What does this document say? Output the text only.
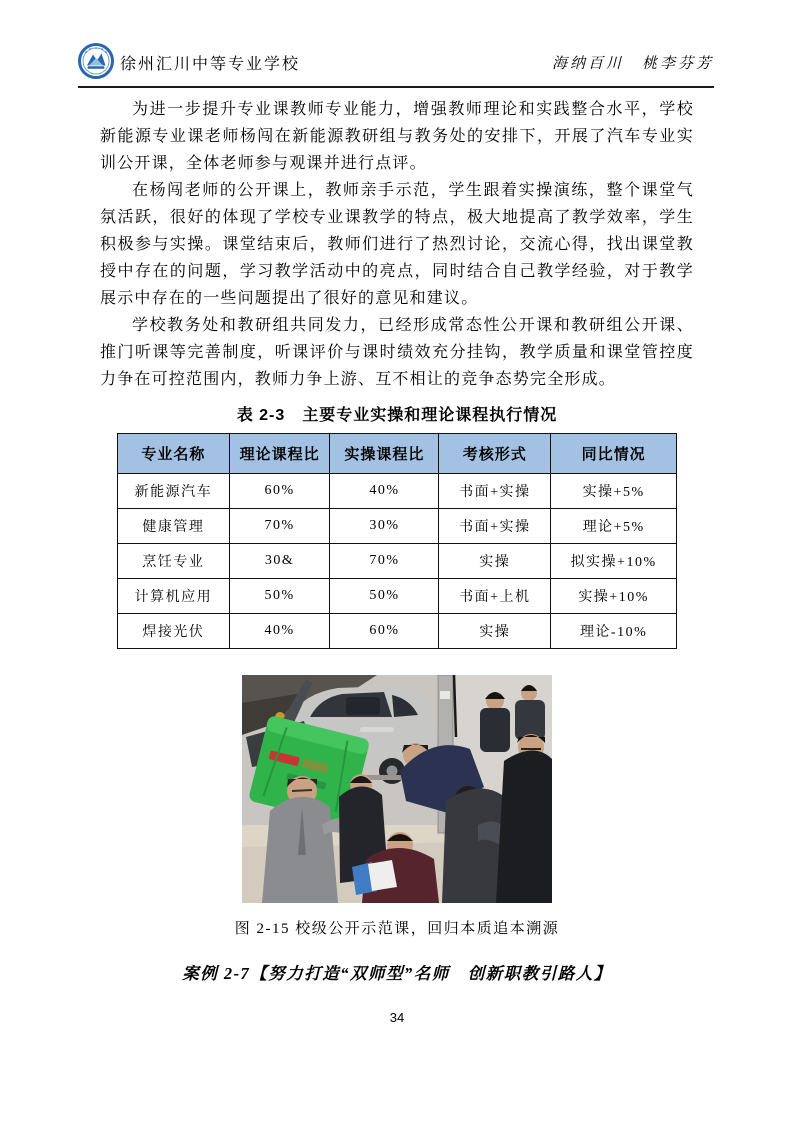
徐州汇川中等专业学校	海纳百川　桃李芬芳

为进一步提升专业课教师专业能力，增强教师理论和实践整合水平，学校新能源专业课老师杨闯在新能源教研组与教务处的安排下，开展了汽车专业实训公开课，全体老师参与观课并进行点评。

在杨闯老师的公开课上，教师亲手示范，学生跟着实操演练，整个课堂气氛活跃，很好的体现了学校专业课教学的特点，极大地提高了教学效率，学生积极参与实操。课堂结束后，教师们进行了热烈讨论，交流心得，找出课堂教授中存在的问题，学习教学活动中的亮点，同时结合自己教学经验，对于教学展示中存在的一些问题提出了很好的意见和建议。

学校教务处和教研组共同发力，已经形成常态性公开课和教研组公开课、推门听课等完善制度，听课评价与课时绩效充分挂钩，教学质量和课堂管控度力争在可控范围内，教师力争上游、互不相让的竞争态势完全形成。

表 2-3　主要专业实操和理论课程执行情况
专业名称	理论课程比	实操课程比	考核形式	同比情况
新能源汽车	60%	40%	书面+实操	实操+5%
健康管理	70%	30%	书面+实操	理论+5%
烹饪专业	30&	70%	实操	拟实操+10%
计算机应用	50%	50%	书面+上机	实操+10%
焊接光伏	40%	60%	实操	理论-10%
图 2-15 校级公开示范课，回归本质追本溯源
案例 2-7【努力打造“双师型”名师　创新职教引路人】
34
